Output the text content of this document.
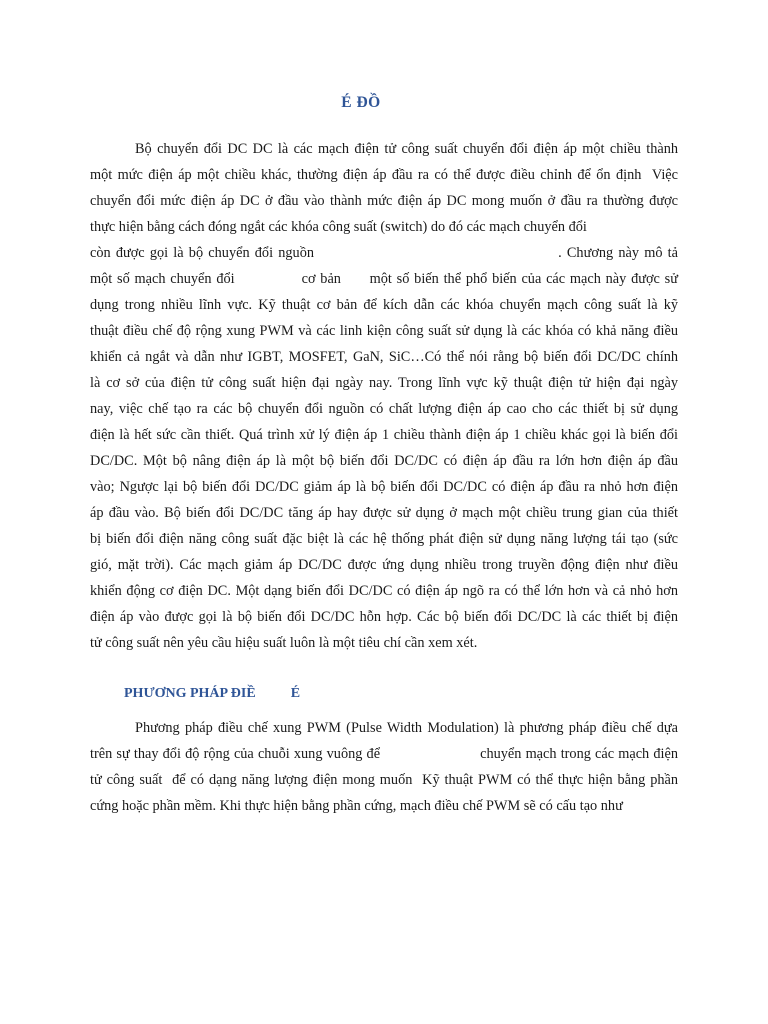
É ĐỒ
Bộ chuyển đổi DC DC là các mạch điện tử công suất chuyển đổi điện áp một chiều thành
một mức điện áp một chiều khác, thường điện áp đầu ra có thể được điều chỉnh để ổn định  Việc
chuyển đổi mức điện áp DC ở đầu vào thành mức điện áp DC mong muốn ở đầu ra thường được
thực hiện bằng cách đóng ngắt các khóa công suất (switch) do đó các mạch chuyển đổi
còn được gọi là bộ chuyển đổi nguồn                                               . Chương này mô tả
một số mạch chuyển đổi              cơ bản      một số biến thể phổ biến của các mạch này được sử
dụng trong nhiều lĩnh vực. Kỹ thuật cơ bản để kích dẫn các khóa chuyển mạch công suất là kỹ
thuật điều chế độ rộng xung PWM và các linh kiện công suất sử dụng là các khóa có khả năng điều
khiển cả ngắt và dẫn như IGBT, MOSFET, GaN, SiC…Có thể nói rằng bộ biến đổi DC/DC chính
là cơ sở của điện tử công suất hiện đại ngày nay. Trong lĩnh vực kỹ thuật điện tử hiện đại ngày
nay, việc chế tạo ra các bộ chuyển đổi nguồn có chất lượng điện áp cao cho các thiết bị sử dụng
điện là hết sức cần thiết. Quá trình xử lý điện áp 1 chiều thành điện áp 1 chiều khác gọi là biến đổi
DC/DC. Một bộ nâng điện áp là một bộ biến đổi DC/DC có điện áp đầu ra lớn hơn điện áp đầu
vào; Ngược lại bộ biến đổi DC/DC giảm áp là bộ biến đổi DC/DC có điện áp đầu ra nhỏ hơn điện
áp đầu vào. Bộ biến đổi DC/DC tăng áp hay được sử dụng ở mạch một chiều trung gian của thiết
bị biến đổi điện năng công suất đặc biệt là các hệ thống phát điện sử dụng năng lượng tái tạo (sức
gió, mặt trời). Các mạch giảm áp DC/DC được ứng dụng nhiều trong truyền động điện như điều
khiển động cơ điện DC. Một dạng biến đổi DC/DC có điện áp ngõ ra có thể lớn hơn và cả nhỏ hơn
điện áp vào được gọi là bộ biến đổi DC/DC hỗn hợp. Các bộ biến đổi DC/DC là các thiết bị điện
tử công suất nên yêu cầu hiệu suất luôn là một tiêu chí cần xem xét.
PHƯƠNG PHÁP ĐIỀ          É
Phương pháp điều chế xung PWM (Pulse Width Modulation) là phương pháp điều chế dựa
trên sự thay đổi độ rộng của chuỗi xung vuông để                        chuyển mạch trong các mạch điện
tử công suất  để có dạng năng lượng điện mong muốn  Kỹ thuật PWM có thể thực hiện bằng phần
cứng hoặc phần mềm. Khi thực hiện bằng phần cứng, mạch điều chế PWM sẽ có cấu tạo như
